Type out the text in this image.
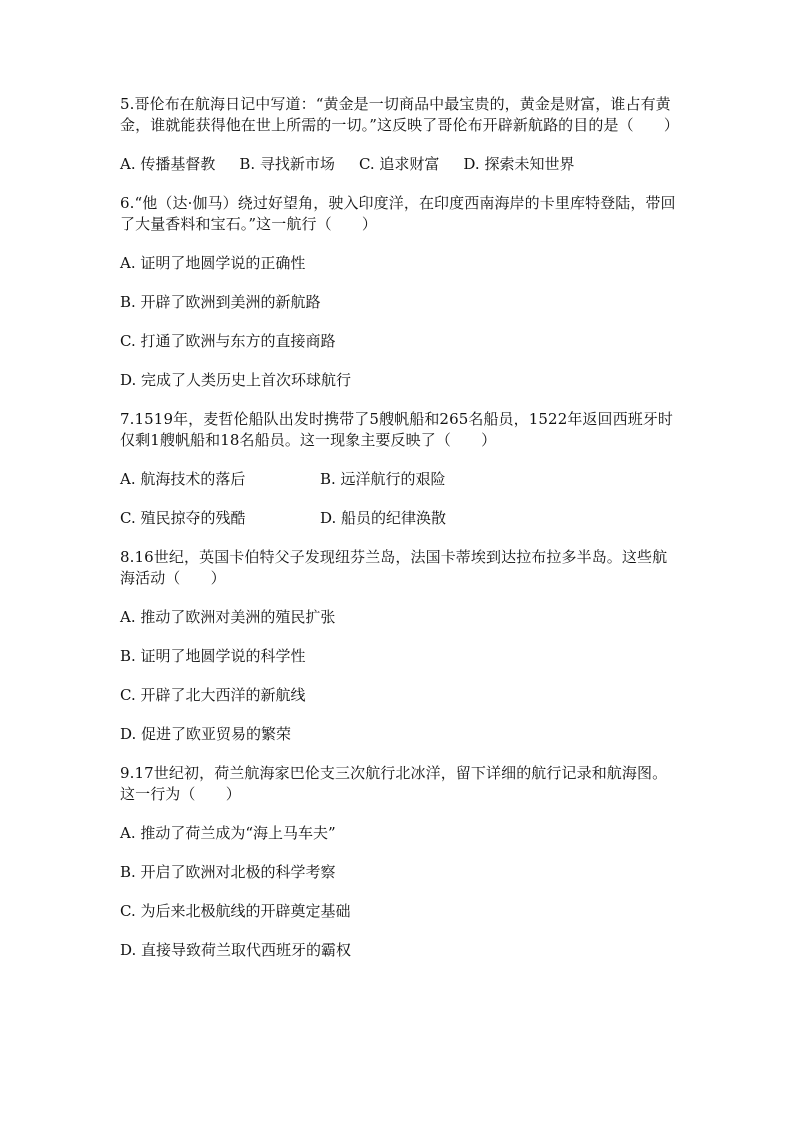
5.哥伦布在航海日记中写道：“黄金是一切商品中最宝贵的，黄金是财富，谁占有黄金，谁就能获得他在世上所需的一切。”这反映了哥伦布开辟新航路的目的是（　　）

A. 传播基督教 B. 寻找新市场 C. 追求财富 D. 探索未知世界

6.“他（达·伽马）绕过好望角，驶入印度洋，在印度西南海岸的卡里库特登陆，带回了大量香料和宝石。”这一航行（　　）

A. 证明了地圆学说的正确性

B. 开辟了欧洲到美洲的新航路

C. 打通了欧洲与东方的直接商路

D. 完成了人类历史上首次环球航行

7.1519年，麦哲伦船队出发时携带了5艘帆船和265名船员，1522年返回西班牙时仅剩1艘帆船和18名船员。这一现象主要反映了（　　）

A. 航海技术的落后	B. 远洋航行的艰险
C. 殖民掠夺的残酷	D. 船员的纪律涣散

8.16世纪，英国卡伯特父子发现纽芬兰岛，法国卡蒂埃到达拉布拉多半岛。这些航海活动（　　）

A. 推动了欧洲对美洲的殖民扩张

B. 证明了地圆学说的科学性

C. 开辟了北大西洋的新航线

D. 促进了欧亚贸易的繁荣

9.17世纪初，荷兰航海家巴伦支三次航行北冰洋，留下详细的航行记录和航海图。这一行为（　　）

A. 推动了荷兰成为“海上马车夫”

B. 开启了欧洲对北极的科学考察

C. 为后来北极航线的开辟奠定基础

D. 直接导致荷兰取代西班牙的霸权
